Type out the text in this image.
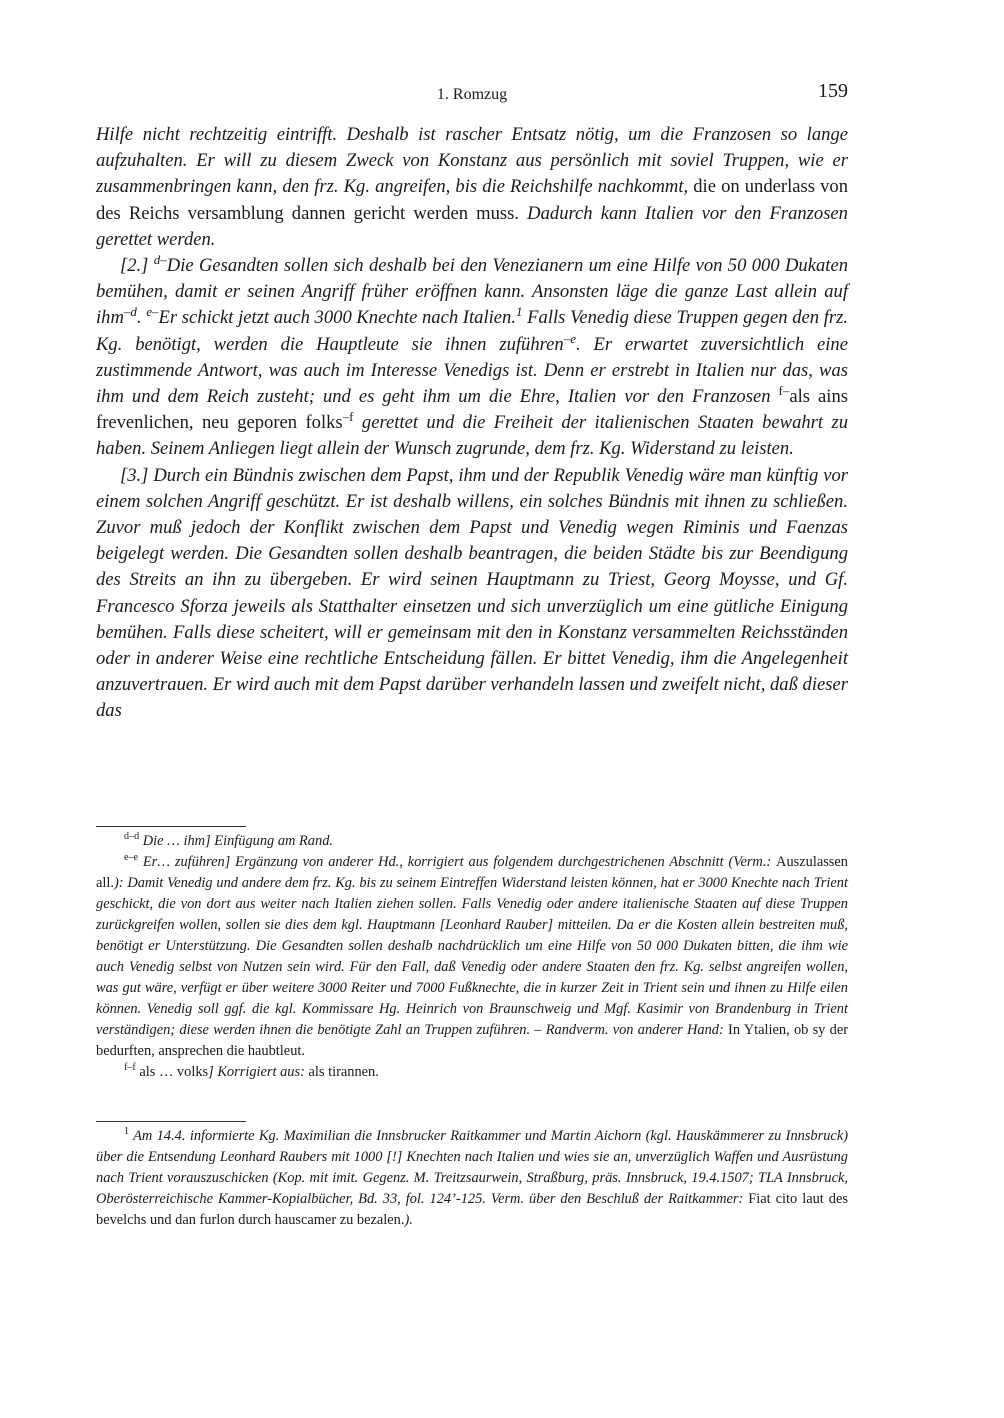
1. Romzug	159

Hilfe nicht rechtzeitig eintrifft. Deshalb ist rascher Entsatz nötig, um die Franzosen so lange aufzuhalten. Er will zu diesem Zweck von Konstanz aus persönlich mit soviel Truppen, wie er zusammenbringen kann, den frz. Kg. angreifen, bis die Reichshilfe nachkommt, die on underlass von des Reichs versamblung dannen gericht werden muss. Dadurch kann Italien vor den Franzosen gerettet werden.

[2.] $^{d-}$Die Gesandten sollen sich deshalb bei den Venezianern um eine Hilfe von 50 000 Dukaten bemühen, damit er seinen Angriff früher eröffnen kann. Ansonsten läge die ganze Last allein auf ihm$^{-d}$. $^{e-}$Er schickt jetzt auch 3000 Knechte nach Italien.$^1$ Falls Venedig diese Truppen gegen den frz. Kg. benötigt, werden die Hauptleute sie ihnen zuführen$^{-e}$. Er erwartet zuversichtlich eine zustimmende Antwort, was auch im Interesse Venedigs ist. Denn er erstrebt in Italien nur das, was ihm und dem Reich zusteht; und es geht ihm um die Ehre, Italien vor den Franzosen $^{f-}$als ains frevenlichen, neu geporen folks$^{-f}$ gerettet und die Freiheit der italienischen Staaten bewahrt zu haben. Seinem Anliegen liegt allein der Wunsch zugrunde, dem frz. Kg. Widerstand zu leisten.

[3.] Durch ein Bündnis zwischen dem Papst, ihm und der Republik Venedig wäre man künftig vor einem solchen Angriff geschützt. Er ist deshalb willens, ein solches Bündnis mit ihnen zu schließen. Zuvor muß jedoch der Konflikt zwischen dem Papst und Venedig wegen Riminis und Faenzas beigelegt werden. Die Gesandten sollen deshalb beantragen, die beiden Städte bis zur Beendigung des Streits an ihn zu übergeben. Er wird seinen Hauptmann zu Triest, Georg Moysse, und Gf. Francesco Sforza jeweils als Statthalter einsetzen und sich unverzüglich um eine gütliche Einigung bemühen. Falls diese scheitert, will er gemeinsam mit den in Konstanz versammelten Reichsständen oder in anderer Weise eine rechtliche Entscheidung fällen. Er bittet Venedig, ihm die Angelegenheit anzuvertrauen. Er wird auch mit dem Papst darüber verhandeln lassen und zweifelt nicht, daß dieser das

$^{d-d}$ Die … ihm] Einfügung am Rand.

$^{e-e}$ Er… zuführen] Ergänzung von anderer Hd., korrigiert aus folgendem durchgestrichenen Abschnitt (Verm.: Auszulassen all.): Damit Venedig und andere dem frz. Kg. bis zu seinem Eintreffen Widerstand leisten können, hat er 3000 Knechte nach Trient geschickt, die von dort aus weiter nach Italien ziehen sollen. Falls Venedig oder andere italienische Staaten auf diese Truppen zurückgreifen wollen, sollen sie dies dem kgl. Hauptmann [Leonhard Rauber] mitteilen. Da er die Kosten allein bestreiten muß, benötigt er Unterstützung. Die Gesandten sollen deshalb nachdrücklich um eine Hilfe von 50 000 Dukaten bitten, die ihm wie auch Venedig selbst von Nutzen sein wird. Für den Fall, daß Venedig oder andere Staaten den frz. Kg. selbst angreifen wollen, was gut wäre, verfügt er über weitere 3000 Reiter und 7000 Fußknechte, die in kurzer Zeit in Trient sein und ihnen zu Hilfe eilen können. Venedig soll ggf. die kgl. Kommissare Hg. Heinrich von Braunschweig und Mgf. Kasimir von Brandenburg in Trient verständigen; diese werden ihnen die benötigte Zahl an Truppen zuführen. – Randverm. von anderer Hand: In Ytalien, ob sy der bedurften, ansprechen die haubtleut.

$^{f-f}$ als … volks] Korrigiert aus: als tirannen.

$^1$ Am 14.4. informierte Kg. Maximilian die Innsbrucker Raitkammer und Martin Aichorn (kgl. Hauskämmerer zu Innsbruck) über die Entsendung Leonhard Raubers mit 1000 [!] Knechten nach Italien und wies sie an, unverzüglich Waffen und Ausrüstung nach Trient vorauszuschicken (Kop. mit imit. Gegenz. M. Treitzsaurwein, Straßburg, präs. Innsbruck, 19.4.1507; TLA Innsbruck, Oberösterreichische Kammer-Kopialbücher, Bd. 33, fol. 124’-125. Verm. über den Beschluß der Raitkammer: Fiat cito laut des bevelchs und dan furlon durch hauscamer zu bezalen.).
